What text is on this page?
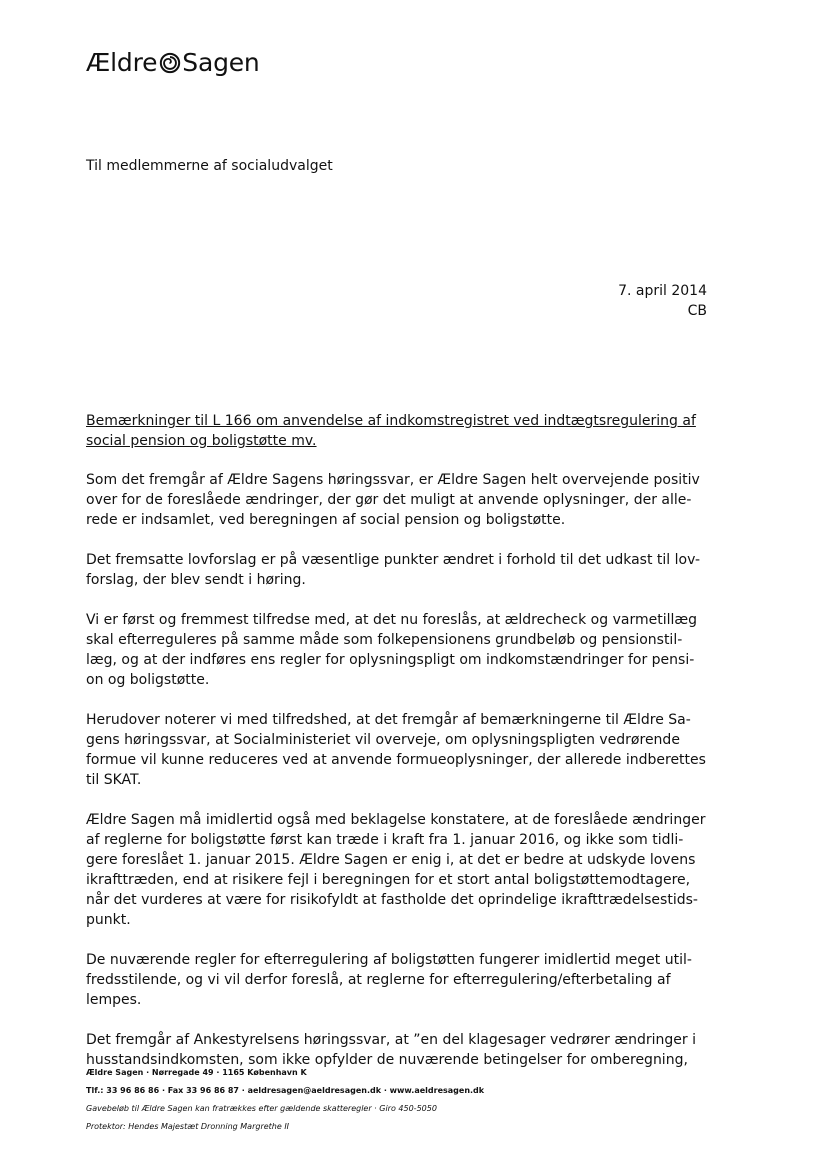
Ældre Sagen
Til medlemmerne af socialudvalget
7. april 2014
CB
Bemærkninger til L 166 om anvendelse af indkomstregistret ved indtægtsregulering af
social pension og boligstøtte mv.

Som det fremgår af Ældre Sagens høringssvar, er Ældre Sagen helt overvejende positiv
over for de foreslåede ændringer, der gør det muligt at anvende oplysninger, der alle-
rede er indsamlet, ved beregningen af social pension og boligstøtte.

Det fremsatte lovforslag er på væsentlige punkter ændret i forhold til det udkast til lov-
forslag, der blev sendt i høring.

Vi er først og fremmest tilfredse med, at det nu foreslås, at ældrecheck og varmetillæg
skal efterreguleres på samme måde som folkepensionens grundbeløb og pensionstil-
læg, og at der indføres ens regler for oplysningspligt om indkomstændringer for pensi-
on og boligstøtte.

Herudover noterer vi med tilfredshed, at det fremgår af bemærkningerne til Ældre Sa-
gens høringssvar, at Socialministeriet vil overveje, om oplysningspligten vedrørende
formue vil kunne reduceres ved at anvende formueoplysninger, der allerede indberettes
til SKAT.

Ældre Sagen må imidlertid også med beklagelse konstatere, at de foreslåede ændringer
af reglerne for boligstøtte først kan træde i kraft fra 1. januar 2016, og ikke som tidli-
gere foreslået 1. januar 2015. Ældre Sagen er enig i, at det er bedre at udskyde lovens
ikrafttræden, end at risikere fejl i beregningen for et stort antal boligstøttemodtagere,
når det vurderes at være for risikofyldt at fastholde det oprindelige ikrafttrædelsestids-
punkt.

De nuværende regler for efterregulering af boligstøtten fungerer imidlertid meget util-
fredsstilende, og vi vil derfor foreslå, at reglerne for efterregulering/efterbetaling af
lempes.

Det fremgår af Ankestyrelsens høringssvar, at ”en del klagesager vedrører ændringer i
husstandsindkomsten, som ikke opfylder de nuværende betingelser for omberegning,

Ældre Sagen · Nørregade 49 · 1165 København K
Tlf.: 33 96 86 86 · Fax 33 96 86 87 · aeldresagen@aeldresagen.dk · www.aeldresagen.dk
Gavebeløb til Ældre Sagen kan fratrækkes efter gældende skatteregler · Giro 450-5050
Protektor: Hendes Majestæt Dronning Margrethe II
